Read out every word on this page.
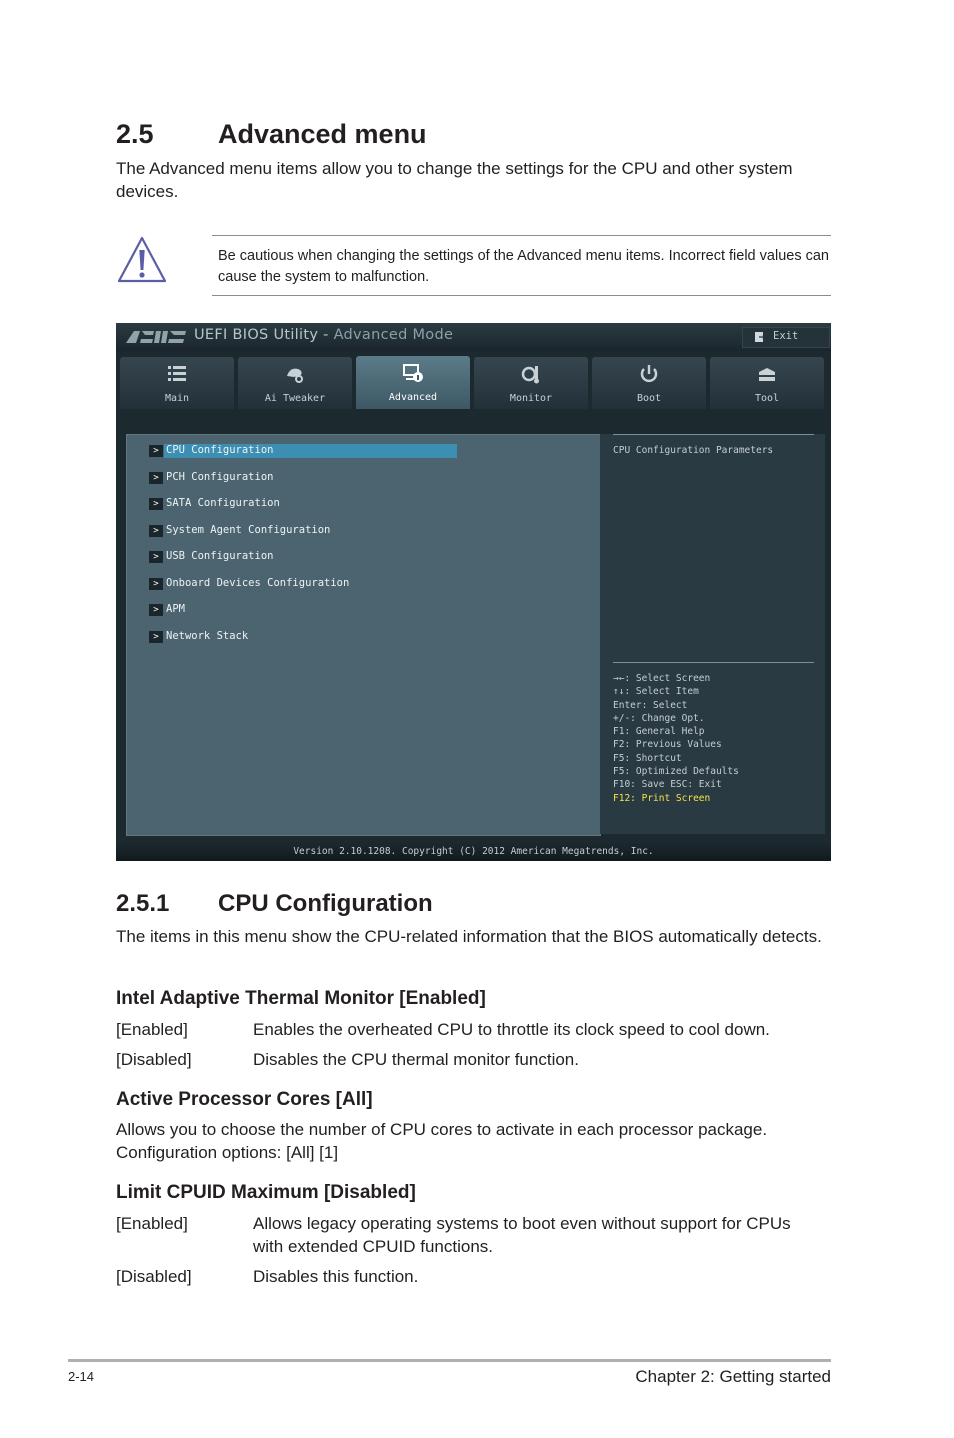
2.5 Advanced menu
The Advanced menu items allow you to change the settings for the CPU and other system devices.
Be cautious when changing the settings of the Advanced menu items. Incorrect field values can cause the system to malfunction.
UEFI BIOS Utility - Advanced Mode	Exit
Main	Ai Tweaker	Advanced	Monitor	Boot	Tool
> CPU Configuration
> PCH Configuration
> SATA Configuration
> System Agent Configuration
> USB Configuration
> Onboard Devices Configuration
> APM
> Network Stack
CPU Configuration Parameters
→←: Select Screen
↑↓: Select Item
Enter: Select
+/-: Change Opt.
F1: General Help
F2: Previous Values
F5: Shortcut
F5: Optimized Defaults
F10: Save ESC: Exit
F12: Print Screen
Version 2.10.1208. Copyright (C) 2012 American Megatrends, Inc.
2.5.1 CPU Configuration
The items in this menu show the CPU-related information that the BIOS automatically detects.
Intel Adaptive Thermal Monitor [Enabled]
[Enabled]	Enables the overheated CPU to throttle its clock speed to cool down.
[Disabled]	Disables the CPU thermal monitor function.
Active Processor Cores [All]
Allows you to choose the number of CPU cores to activate in each processor package. Configuration options: [All] [1]
Limit CPUID Maximum [Disabled]
[Enabled]	Allows legacy operating systems to boot even without support for CPUs with extended CPUID functions.
[Disabled]	Disables this function.
2-14	Chapter 2: Getting started
